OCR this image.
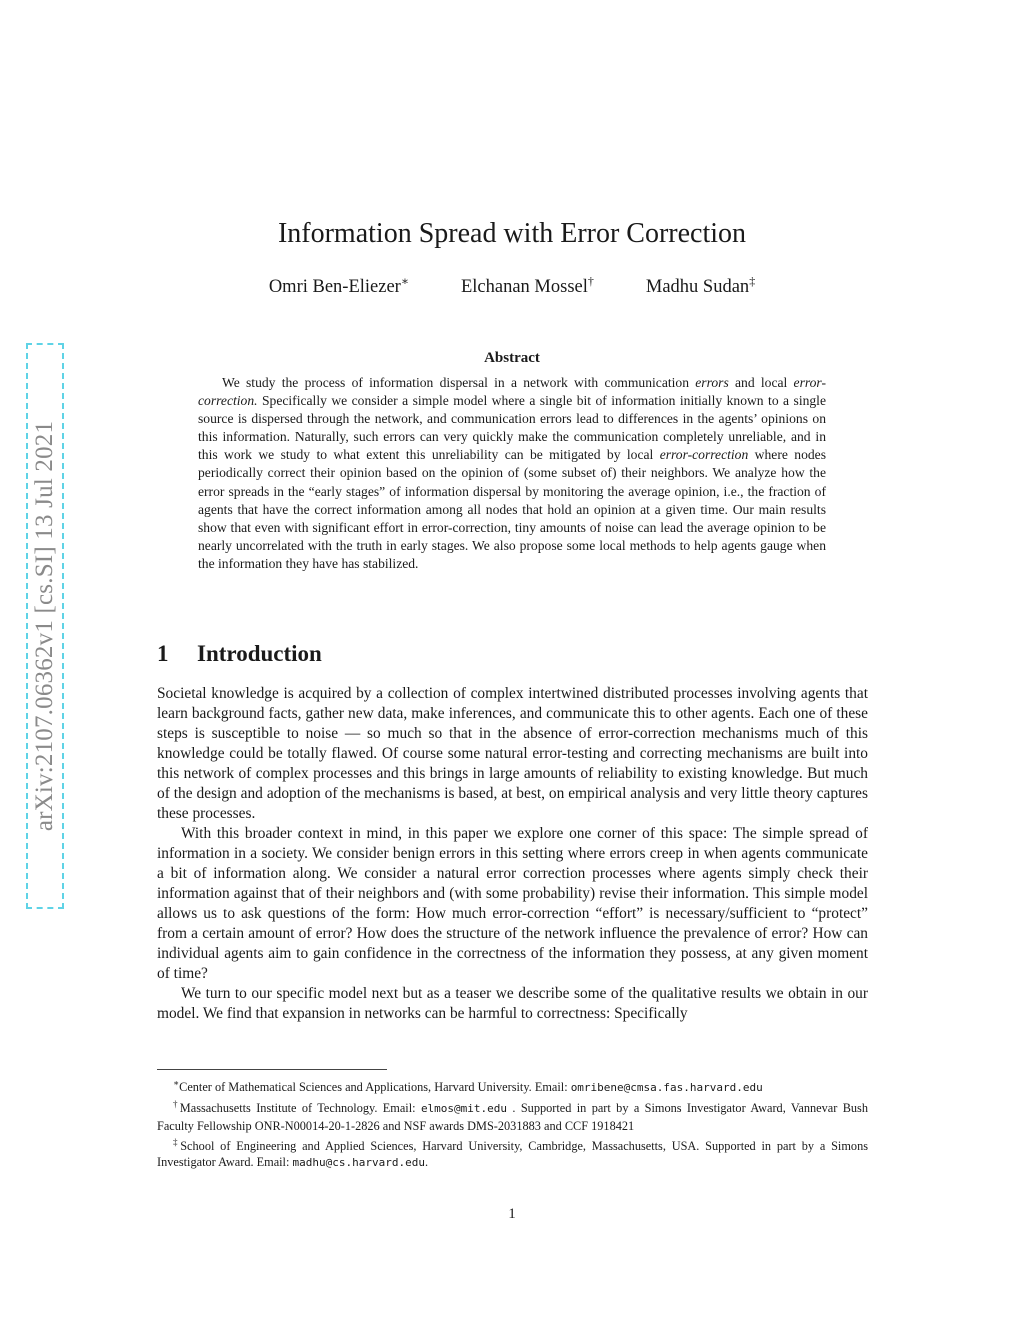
arXiv:2107.06362v1 [cs.SI] 13 Jul 2021
Information Spread with Error Correction
Omri Ben-Eliezer∗	Elchanan Mossel†	Madhu Sudan‡
Abstract

We study the process of information dispersal in a network with communication errors and local error-correction. Specifically we consider a simple model where a single bit of information initially known to a single source is dispersed through the network, and communication errors lead to differences in the agents’ opinions on this information. Naturally, such errors can very quickly make the communication completely unreliable, and in this work we study to what extent this unreliability can be mitigated by local error-correction where nodes periodically correct their opinion based on the opinion of (some subset of) their neighbors. We analyze how the error spreads in the “early stages” of information dispersal by monitoring the average opinion, i.e., the fraction of agents that have the correct information among all nodes that hold an opinion at a given time. Our main results show that even with significant effort in error-correction, tiny amounts of noise can lead the average opinion to be nearly uncorrelated with the truth in early stages. We also propose some local methods to help agents gauge when the information they have has stabilized.

1 Introduction

Societal knowledge is acquired by a collection of complex intertwined distributed processes involving agents that learn background facts, gather new data, make inferences, and communicate this to other agents. Each one of these steps is susceptible to noise — so much so that in the absence of error-correction mechanisms much of this knowledge could be totally flawed. Of course some natural error-testing and correcting mechanisms are built into this network of complex processes and this brings in large amounts of reliability to existing knowledge. But much of the design and adoption of the mechanisms is based, at best, on empirical analysis and very little theory captures these processes.

With this broader context in mind, in this paper we explore one corner of this space: The simple spread of information in a society. We consider benign errors in this setting where errors creep in when agents communicate a bit of information along. We consider a natural error correction processes where agents simply check their information against that of their neighbors and (with some probability) revise their information. This simple model allows us to ask questions of the form: How much error-correction “effort” is necessary/sufficient to “protect” from a certain amount of error? How does the structure of the network influence the prevalence of error? How can individual agents aim to gain confidence in the correctness of the information they possess, at any given moment of time?

We turn to our specific model next but as a teaser we describe some of the qualitative results we obtain in our model. We find that expansion in networks can be harmful to correctness: Specifically

∗Center of Mathematical Sciences and Applications, Harvard University. Email: omribene@cmsa.fas.harvard.edu

†Massachusetts Institute of Technology. Email: elmos@mit.edu . Supported in part by a Simons Investigator Award, Vannevar Bush Faculty Fellowship ONR-N00014-20-1-2826 and NSF awards DMS-2031883 and CCF 1918421

‡School of Engineering and Applied Sciences, Harvard University, Cambridge, Massachusetts, USA. Supported in part by a Simons Investigator Award. Email: madhu@cs.harvard.edu.

1
